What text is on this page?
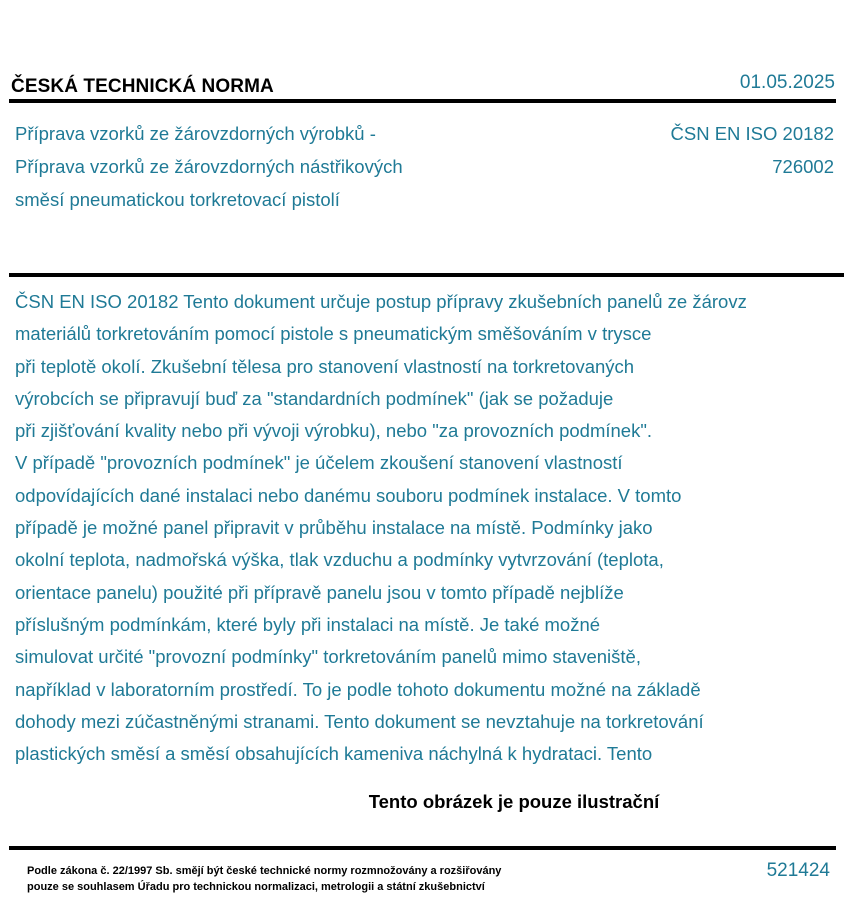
ČESKÁ TECHNICKÁ NORMA	01.05.2025
Příprava vzorků ze žárovzdorných výrobků -
Příprava vzorků ze žárovzdorných nástřikových
směsí pneumatickou torkretovací pistolí
ČSN EN ISO 20182
726002
ČSN EN ISO 20182 Tento dokument určuje postup přípravy zkušebních panelů ze žárovz
materiálů torkretováním pomocí pistole s pneumatickým směšováním v trysce
při teplotě okolí. Zkušební tělesa pro stanovení vlastností na torkretovaných
výrobcích se připravují buď za "standardních podmínek" (jak se požaduje
při zjišťování kvality nebo při vývoji výrobku), nebo "za provozních podmínek".
V případě "provozních podmínek" je účelem zkoušení stanovení vlastností
odpovídajících dané instalaci nebo danému souboru podmínek instalace. V tomto
případě je možné panel připravit v průběhu instalace na místě. Podmínky jako
okolní teplota, nadmořská výška, tlak vzduchu a podmínky vytvrzování (teplota,
orientace panelu) použité při přípravě panelu jsou v tomto případě nejblíže
příslušným podmínkám, které byly při instalaci na místě. Je také možné
simulovat určité "provozní podmínky" torkretováním panelů mimo staveniště,
například v laboratorním prostředí. To je podle tohoto dokumentu možné na základě
dohody mezi zúčastněnými stranami. Tento dokument se nevztahuje na torkretování
plastických směsí a směsí obsahujících kameniva náchylná k hydrataci. Tento
Tento obrázek je pouze ilustrační
Podle zákona č. 22/1997 Sb. smějí být české technické normy rozmnožovány a rozšiřovány
pouze se souhlasem Úřadu pro technickou normalizaci, metrologii a státní zkušebnictví
521424
